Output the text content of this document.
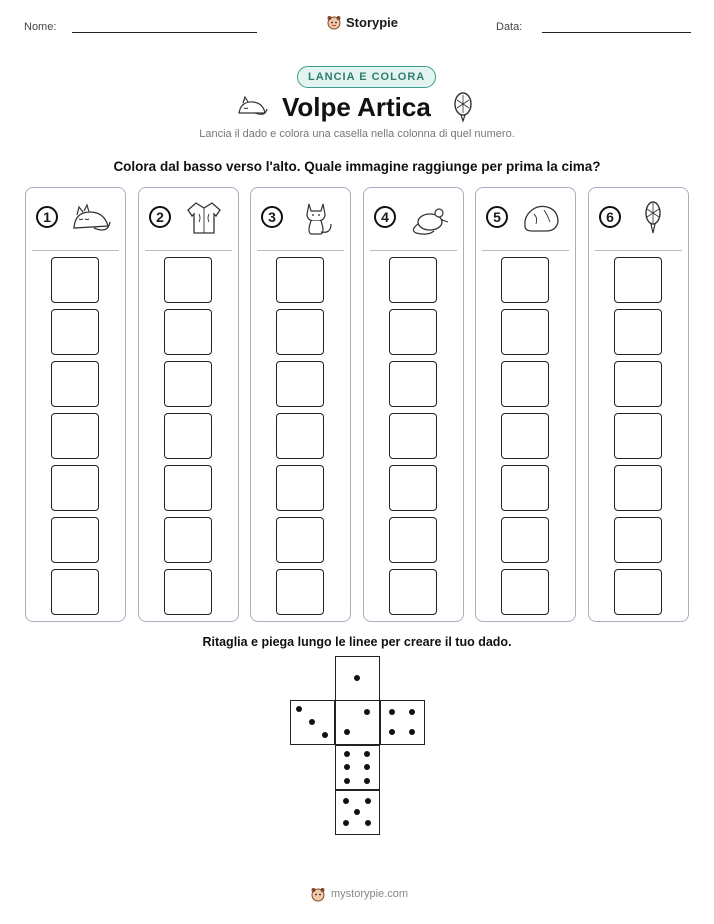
Nome:	Storypie	Data:
LANCIA E COLORA
Volpe Artica
Lancia il dado e colora una casella nella colonna di quel numero.
Colora dal basso verso l'alto. Quale immagine raggiunge per prima la cima?
1	2	3	4	5	6
Ritaglia e piega lungo le linee per creare il tuo dado.
mystorypie.com
